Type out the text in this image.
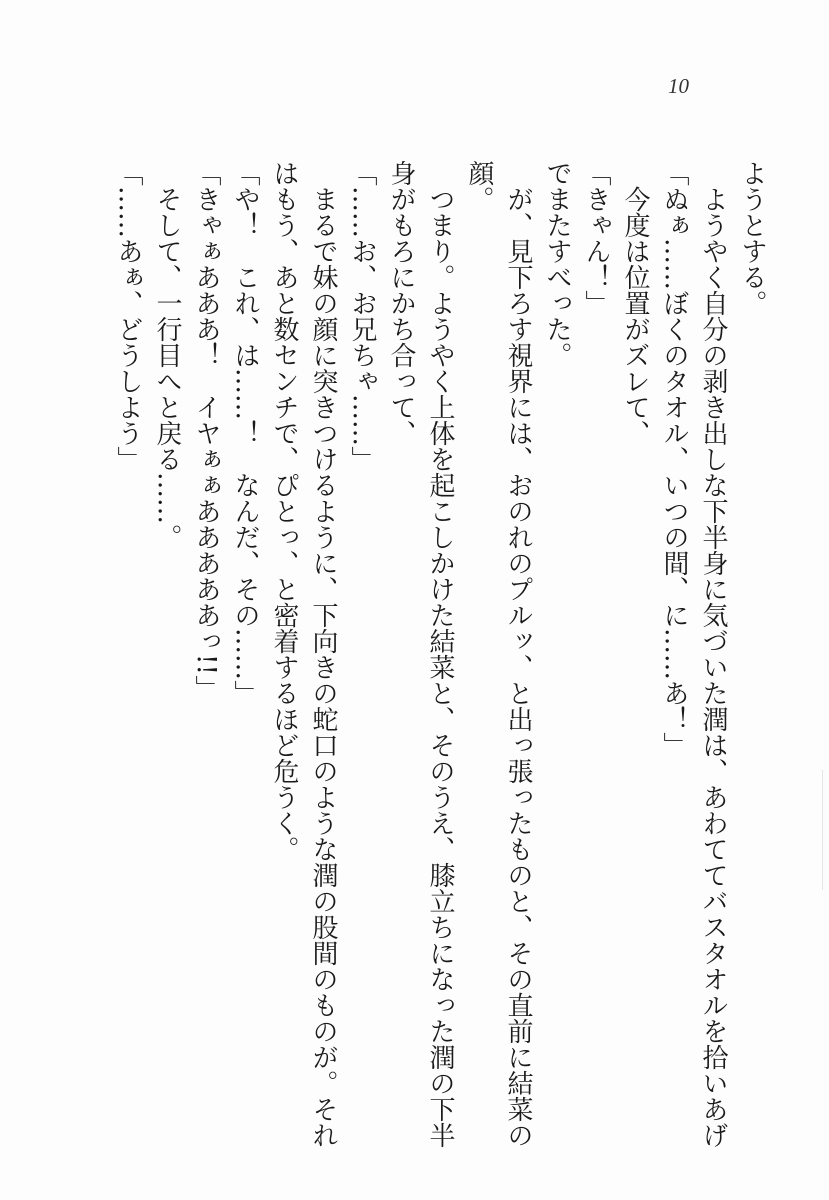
10
ようとする。
ようやく自分の剥き出しな下半身に気づいた潤は、あわててバスタオルを拾いあげ
「ぬぁ……ぼくのタオル、いつの間、に……あ！」
今度は位置がズレて、
「きゃん！」
でまたすべった。
が、見下ろす視界には、おのれのプルッ、と出っ張ったものと、その直前に結菜の
顔。
つまり。ようやく上体を起こしかけた結菜と、そのうえ、膝立ちになった潤の下半
身がもろにかち合って、
「……お、お兄ちゃ……」
まるで妹の顔に突きつけるように、下向きの蛇口のような潤の股間のものが。それ
はもう、あと数センチで、ぴとっ、と密着するほど危うく。
「や！　これ、は……！　なんだ、その……」
「きゃぁあああ！　イヤぁぁあああああっ!!」
そして、一行目へと戻る……。
「……あぁ、どうしよう」
